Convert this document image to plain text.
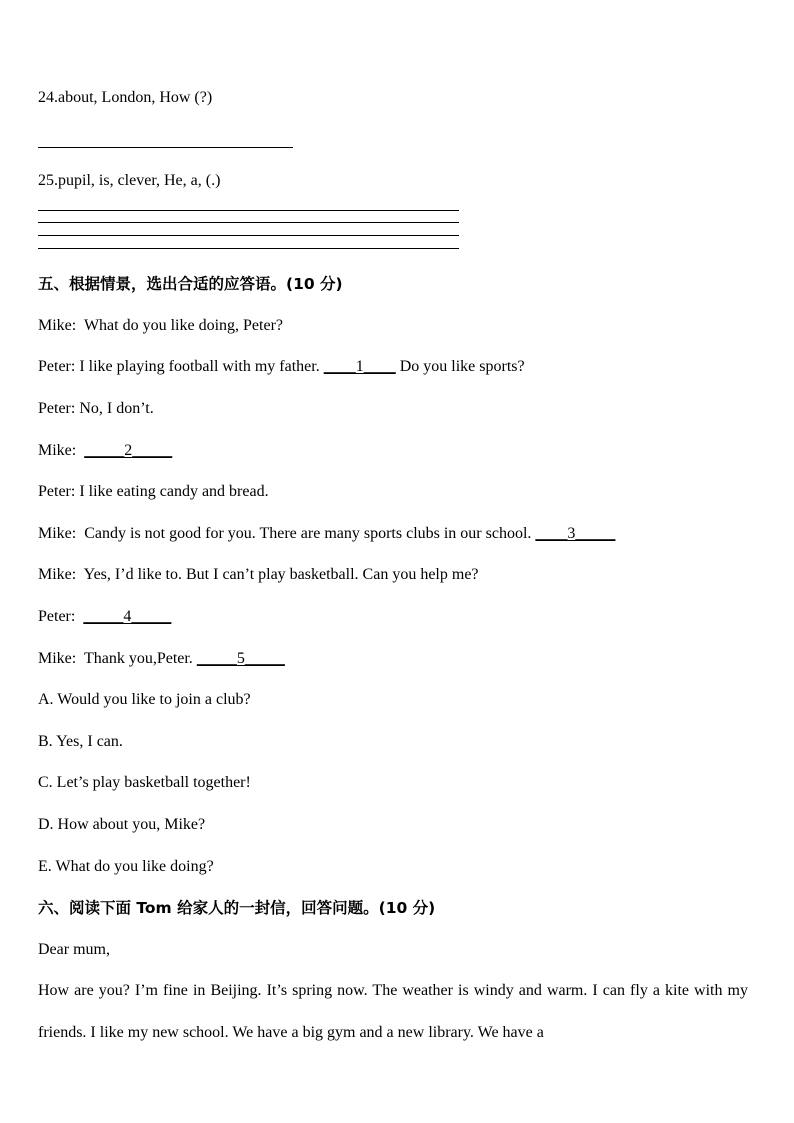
24.about, London, How (?)
25.pupil, is, clever, He, a, (.)
五、根据情景，选出合适的应答语。(10 分)
Mike: What do you like doing, Peter?
Peter: I like playing football with my father. ____1____ Do you like sports?
Peter: No, I don’t.
Mike: _____2_____
Peter: I like eating candy and bread.
Mike: Candy is not good for you. There are many sports clubs in our school. ____3_____
Mike: Yes, I’d like to. But I can’t play basketball. Can you help me?
Peter: _____4_____
Mike: Thank you,Peter. _____5_____
A. Would you like to join a club?
B. Yes, I can.
C. Let’s play basketball together!
D. How about you, Mike?
E. What do you like doing?
六、阅读下面 Tom 给家人的一封信，回答问题。(10 分)
Dear mum,
How are you? I’m fine in Beijing. It’s spring now. The weather is windy and warm. I can fly a kite with my friends. I like my new school. We have a big gym and a new library. We have a
